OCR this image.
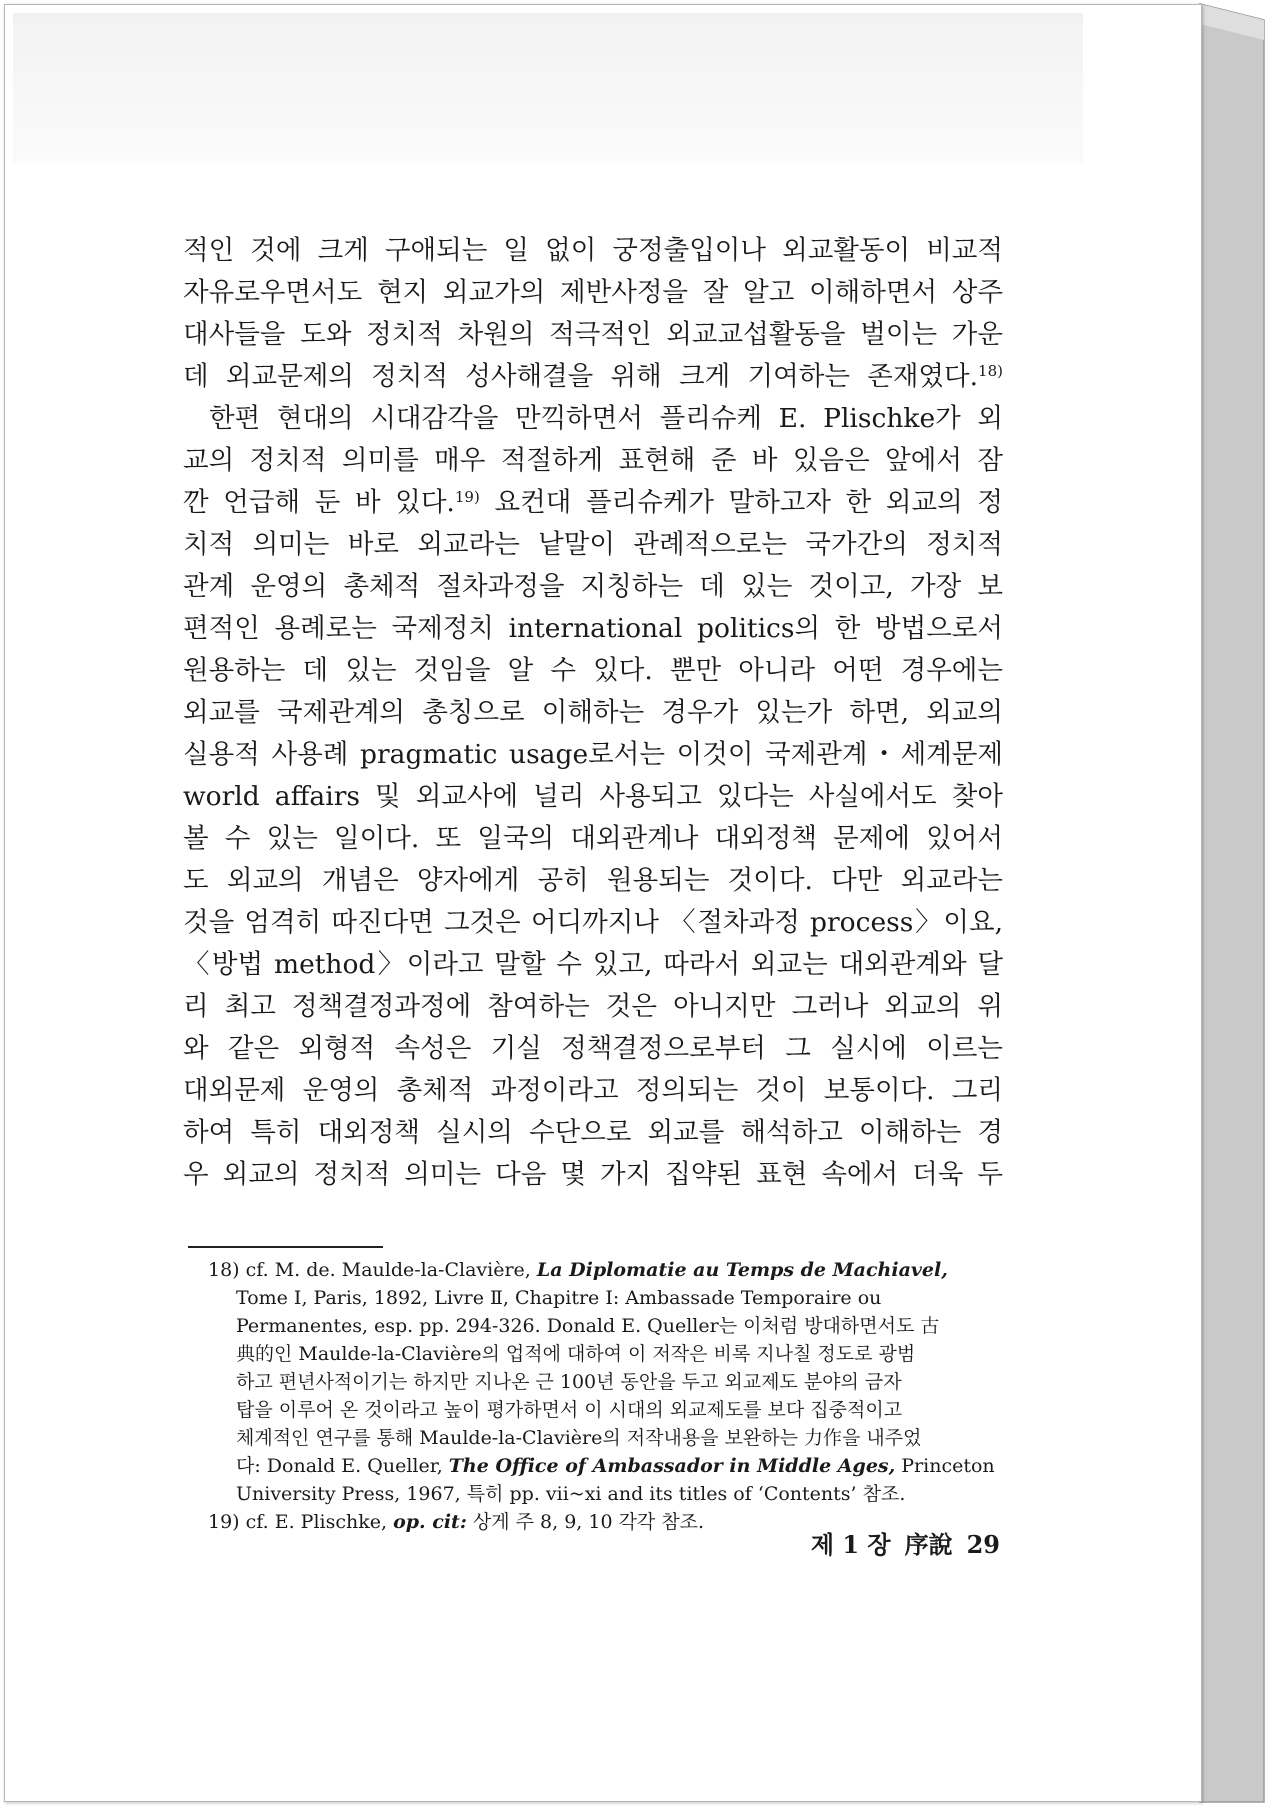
적인 것에 크게 구애되는 일 없이 궁정출입이나 외교활동이 비교적
자유로우면서도 현지 외교가의 제반사정을 잘 알고 이해하면서 상주
대사들을 도와 정치적 차원의 적극적인 외교교섭활동을 벌이는 가운
데 외교문제의 정치적 성사해결을 위해 크게 기여하는 존재였다.$^{18)}$
한편 현대의 시대감각을 만끽하면서 플리슈케 E. Plischke가 외
교의 정치적 의미를 매우 적절하게 표현해 준 바 있음은 앞에서 잠
깐 언급해 둔 바 있다.$^{19)}$ 요컨대 플리슈케가 말하고자 한 외교의 정
치적 의미는 바로 외교라는 낱말이 관례적으로는 국가간의 정치적
관계 운영의 총체적 절차과정을 지칭하는 데 있는 것이고, 가장 보
편적인 용례로는 국제정치 international politics의 한 방법으로서
원용하는 데 있는 것임을 알 수 있다. 뿐만 아니라 어떤 경우에는
외교를 국제관계의 총칭으로 이해하는 경우가 있는가 하면, 외교의
실용적 사용례 pragmatic usage로서는 이것이 국제관계・세계문제
world affairs 및 외교사에 널리 사용되고 있다는 사실에서도 찾아
볼 수 있는 일이다. 또 일국의 대외관계나 대외정책 문제에 있어서
도 외교의 개념은 양자에게 공히 원용되는 것이다. 다만 외교라는
것을 엄격히 따진다면 그것은 어디까지나 〈절차과정 process〉이요,
〈방법 method〉이라고 말할 수 있고, 따라서 외교는 대외관계와 달
리 최고 정책결정과정에 참여하는 것은 아니지만 그러나 외교의 위
와 같은 외형적 속성은 기실 정책결정으로부터 그 실시에 이르는
대외문제 운영의 총체적 과정이라고 정의되는 것이 보통이다. 그리
하여 특히 대외정책 실시의 수단으로 외교를 해석하고 이해하는 경
우 외교의 정치적 의미는 다음 몇 가지 집약된 표현 속에서 더욱 두
18) cf. M. de. Maulde-la-Clavière, La Diplomatie au Temps de Machiavel,
Tome Ⅰ, Paris, 1892, Livre Ⅱ, Chapitre Ⅰ: Ambassade Temporaire ou
Permanentes, esp. pp. 294-326. Donald E. Queller는 이처럼 방대하면서도 古
典的인 Maulde-la-Clavière의 업적에 대하여 이 저작은 비록 지나칠 정도로 광범
하고 편년사적이기는 하지만 지나온 근 100년 동안을 두고 외교제도 분야의 금자
탑을 이루어 온 것이라고 높이 평가하면서 이 시대의 외교제도를 보다 집중적이고
체계적인 연구를 통해 Maulde-la-Clavière의 저작내용을 보완하는 力作을 내주었
다: Donald E. Queller, The Office of Ambassador in Middle Ages, Princeton
University Press, 1967, 특히 pp. vii~xi and its titles of ‘Contents’ 참조.
19) cf. E. Plischke, op. cit: 상게 주 8, 9, 10 각각 참조.
제 1 장 序說 29
